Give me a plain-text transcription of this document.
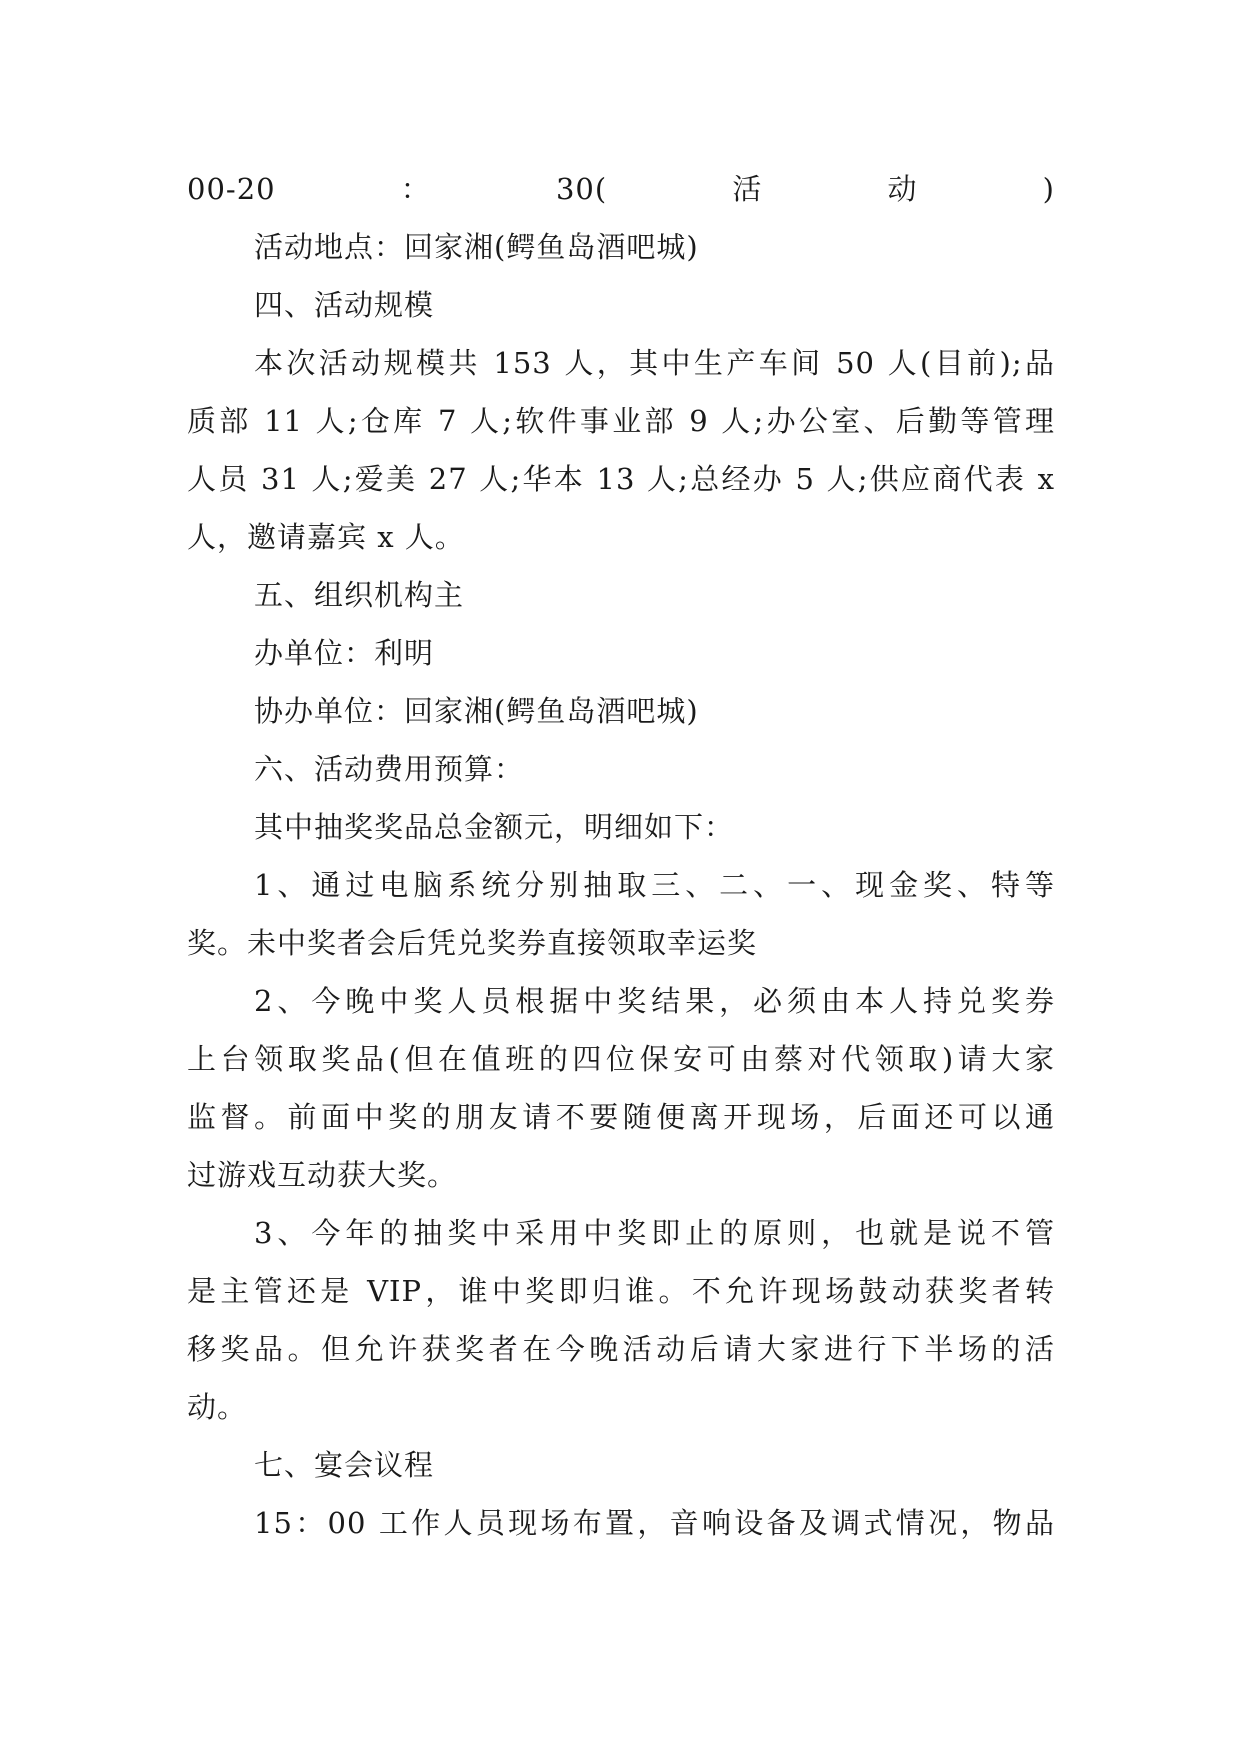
00-20：30(活动)
活动地点：回家湘(鳄鱼岛酒吧城)
四、活动规模
本次活动规模共 153 人，其中生产车间 50 人(目前);品
质部 11 人;仓库 7 人;软件事业部 9 人;办公室、后勤等管理
人员 31 人;爱美 27 人;华本 13 人;总经办 5 人;供应商代表 x
人，邀请嘉宾 x 人。
五、组织机构主
办单位：利明
协办单位：回家湘(鳄鱼岛酒吧城)
六、活动费用预算：
其中抽奖奖品总金额元，明细如下：
1、通过电脑系统分别抽取三、二、一、现金奖、特等
奖。未中奖者会后凭兑奖券直接领取幸运奖
2、今晚中奖人员根据中奖结果，必须由本人持兑奖券
上台领取奖品(但在值班的四位保安可由蔡对代领取)请大家
监督。前面中奖的朋友请不要随便离开现场，后面还可以通
过游戏互动获大奖。
3、今年的抽奖中采用中奖即止的原则，也就是说不管
是主管还是 VIP，谁中奖即归谁。不允许现场鼓动获奖者转
移奖品。但允许获奖者在今晚活动后请大家进行下半场的活
动。
七、宴会议程
15：00 工作人员现场布置，音响设备及调式情况，物品
